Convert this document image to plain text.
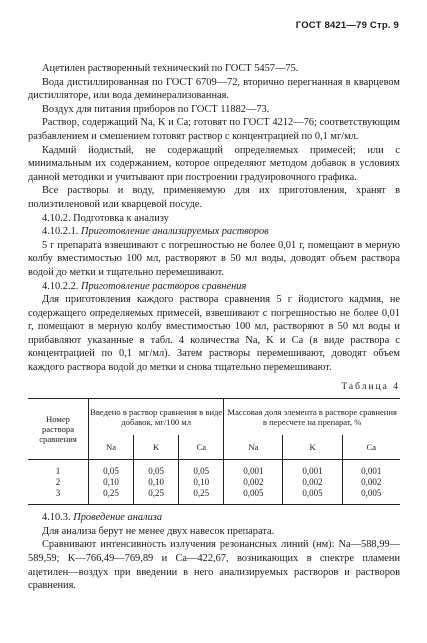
ГОСТ 8421—79 Стр. 9

Ацетилен растворенный технический по ГОСТ 5457—75.

Вода дистиллированная по ГОСТ 6709—72, вторично перегнанная в кварцевом дистилляторе, или вода деминерализованная.

Воздух для питания приборов по ГОСТ 11882—73.

Раствор, содержащий Na, K и Ca; готовят по ГОСТ 4212—76; соответствующим разбавлением и смешением готовят раствор с концентрацией по 0,1 мг/мл.

Кадмий йодистый, не содержащий определяемых примесей; или с минимальным их содержанием, которое определяют методом добавок в условиях данной методики и учитывают при построении градуировочного графика.

Все растворы и воду, применяемую для их приготовления, хранят в полиэтиленовой или кварцевой посуде.

4.10.2. Подготовка к анализу

4.10.2.1. Приготовление анализируемых растворов

5 г препарата взвешивают с погрешностью не более 0,01 г, помещают в мерную колбу вместимостью 100 мл, растворяют в 50 мл воды, доводят объем раствора водой до метки и тщательно перемешивают.

4.10.2.2. Приготовление растворов сравнения

Для приготовления каждого раствора сравнения 5 г йодистого кадмия, не содержащего определяемых примесей, взвешивают с погрешностью не более 0,01 г, помещают в мерную колбу вместимостью 100 мл, растворяют в 50 мл воды и прибавляют указанные в табл. 4 количества Na, K и Ca (в виде раствора с концентрацией по 0,1 мг/мл). Затем растворы перемешивают, доводят объем каждого раствора водой до метки и снова тщательно перемешивают.

Таблица 4
Номер раствора сравнения	Введено в раствор сравнения в виде добавок, мг/100 мл			Массовая доля элемента в растворе сравнения в пересчете на препарат, %		
	Na	K	Ca	Na	K	Ca
1	0,05	0,05	0,05	0,001	0,001	0,001
2	0,10	0,10	0,10	0,002	0,002	0,002
3	0,25	0,25	0,25	0,005	0,005	0,005

4.10.3. Проведение анализа

Для анализа берут не менее двух навесок препарата.

Сравнивают интенсивность излучения резонансных линий (нм): Na—588,99—589,59; K—766,49—769,89 и Ca—422,67, возникающих в спектре пламени ацетилен—воздух при введении в него анализируемых растворов и растворов сравнения.
